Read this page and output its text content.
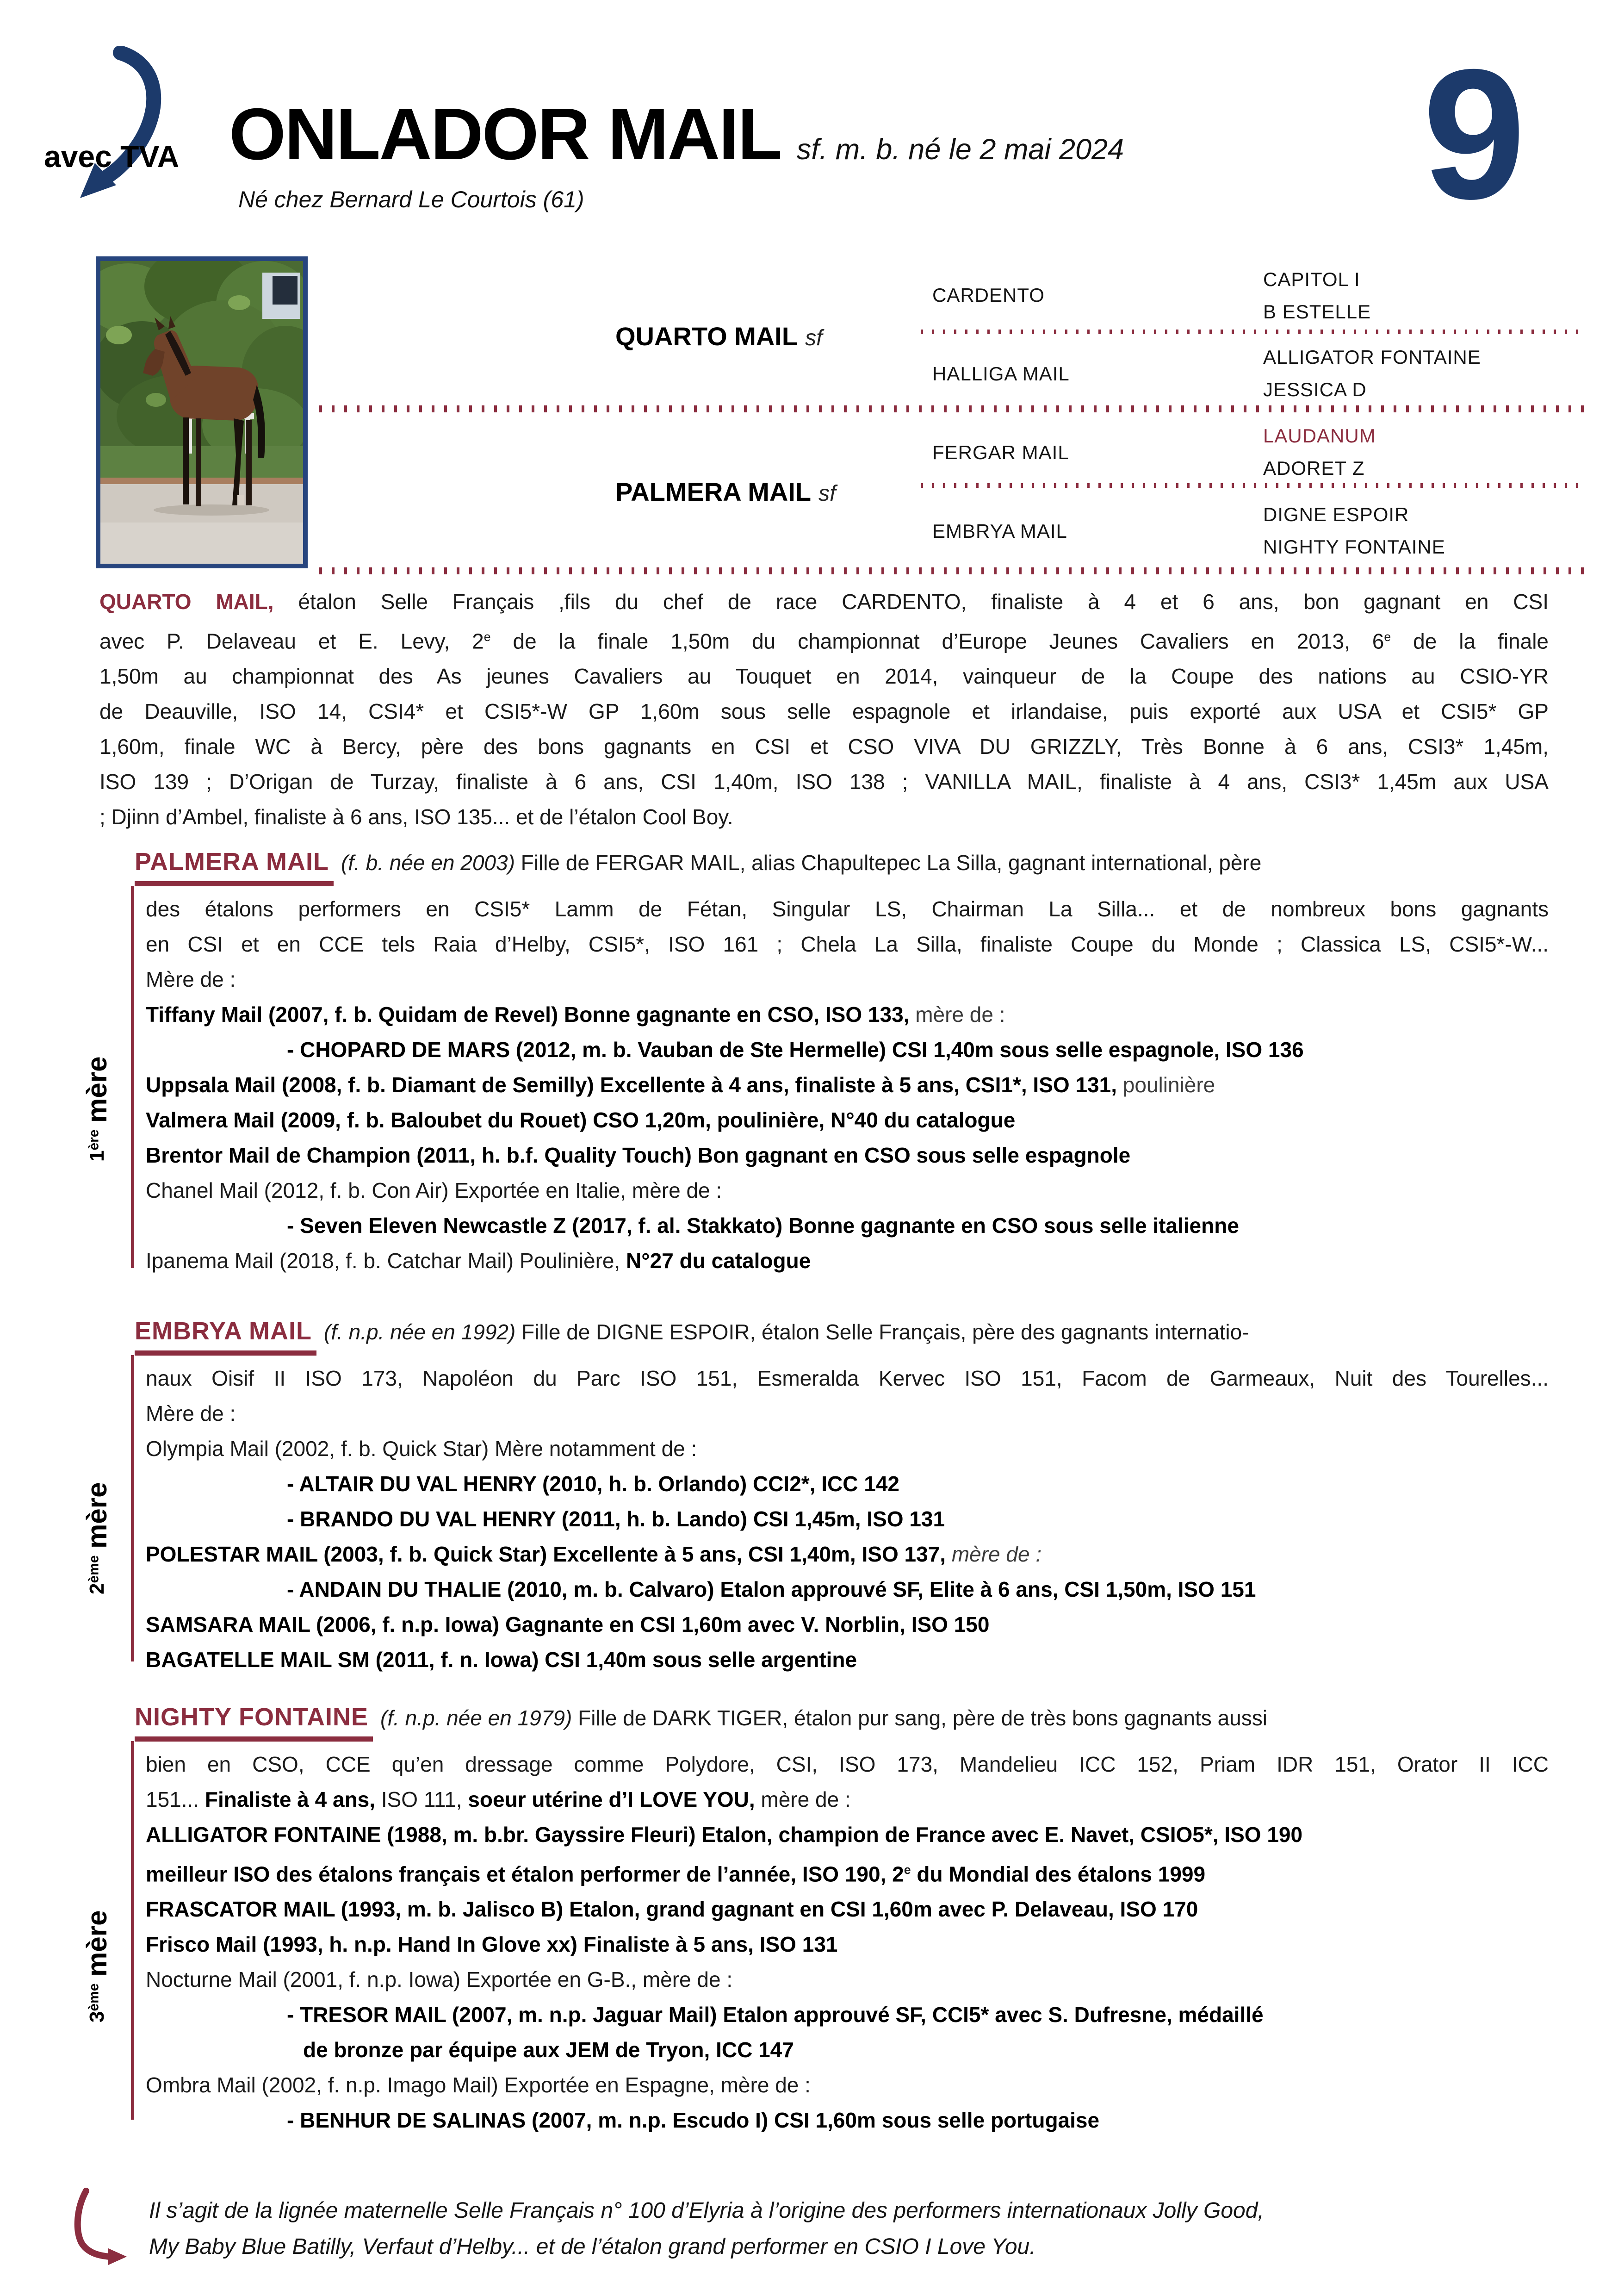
avec TVA ONLADOR MAIL sf. m. b. né le 2 mai 2024
Né chez Bernard Le Courtois (61)	9
QUARTO MAIL sf
PALMERA MAIL sf
CARDENTO
HALLIGA MAIL
FERGAR MAIL
EMBRYA MAIL
CAPITOL I
B ESTELLE
ALLIGATOR FONTAINE
JESSICA D
LAUDANUM
ADORET Z
DIGNE ESPOIR
NIGHTY FONTAINE
QUARTO MAIL, étalon Selle Français ,fils du chef de race CARDENTO, finaliste à 4 et 6 ans, bon gagnant en CSI
avec P. Delaveau et E. Levy, 2e de la finale 1,50m du championnat d’Europe Jeunes Cavaliers en 2013, 6e de la finale
1,50m au championnat des As jeunes Cavaliers au Touquet en 2014, vainqueur de la Coupe des nations au CSIO-YR
de Deauville, ISO 14, CSI4* et CSI5*-W GP 1,60m sous selle espagnole et irlandaise, puis exporté aux USA et CSI5* GP
1,60m, finale WC à Bercy, père des bons gagnants en CSI et CSO VIVA DU GRIZZLY, Très Bonne à 6 ans, CSI3* 1,45m,
ISO 139 ; D’Origan de Turzay, finaliste à 6 ans, CSI 1,40m, ISO 138 ; VANILLA MAIL, finaliste à 4 ans, CSI3* 1,45m aux USA
; Djinn d’Ambel, finaliste à 6 ans, ISO 135... et de l’étalon Cool Boy.
PALMERA MAIL (f. b. née en 2003) Fille de FERGAR MAIL, alias Chapultepec La Silla, gagnant international, père
1èremère
des étalons performers en CSI5* Lamm de Fétan, Singular LS, Chairman La Silla... et de nombreux bons gagnants
en CSI et en CCE tels Raia d’Helby, CSI5*, ISO 161 ; Chela La Silla, finaliste Coupe du Monde ; Classica LS, CSI5*-W...
Mère de :
Tiffany Mail (2007, f. b. Quidam de Revel) Bonne gagnante en CSO, ISO 133, mère de :
- CHOPARD DE MARS (2012, m. b. Vauban de Ste Hermelle) CSI 1,40m sous selle espagnole, ISO 136
Uppsala Mail (2008, f. b. Diamant de Semilly) Excellente à 4 ans, finaliste à 5 ans, CSI1*, ISO 131, poulinière
Valmera Mail (2009, f. b. Baloubet du Rouet) CSO 1,20m, poulinière, N°40 du catalogue
Brentor Mail de Champion (2011, h. b.f. Quality Touch) Bon gagnant en CSO sous selle espagnole
Chanel Mail (2012, f. b. Con Air) Exportée en Italie, mère de :
- Seven Eleven Newcastle Z (2017, f. al. Stakkato) Bonne gagnante en CSO sous selle italienne
Ipanema Mail (2018, f. b. Catchar Mail) Poulinière, N°27 du catalogue
EMBRYA MAIL (f. n.p. née en 1992) Fille de DIGNE ESPOIR, étalon Selle Français, père des gagnants internatio-
2èmemère
naux Oisif II ISO 173, Napoléon du Parc ISO 151, Esmeralda Kervec ISO 151, Facom de Garmeaux, Nuit des Tourelles...
Mère de :
Olympia Mail (2002, f. b. Quick Star) Mère notamment de :
- ALTAIR DU VAL HENRY (2010, h. b. Orlando) CCI2*, ICC 142
- BRANDO DU VAL HENRY (2011, h. b. Lando) CSI 1,45m, ISO 131
POLESTAR MAIL (2003, f. b. Quick Star) Excellente à 5 ans, CSI 1,40m, ISO 137, mère de :
- ANDAIN DU THALIE (2010, m. b. Calvaro) Etalon approuvé SF, Elite à 6 ans, CSI 1,50m, ISO 151
SAMSARA MAIL (2006, f. n.p. Iowa) Gagnante en CSI 1,60m avec V. Norblin, ISO 150
BAGATELLE MAIL SM (2011, f. n. Iowa) CSI 1,40m sous selle argentine
NIGHTY FONTAINE (f. n.p. née en 1979) Fille de DARK TIGER, étalon pur sang, père de très bons gagnants aussi
3èmemère
bien en CSO, CCE qu’en dressage comme Polydore, CSI, ISO 173, Mandelieu ICC 152, Priam IDR 151, Orator II ICC
151... Finaliste à 4 ans, ISO 111, soeur utérine d’I LOVE YOU, mère de :
ALLIGATOR FONTAINE (1988, m. b.br. Gayssire Fleuri) Etalon, champion de France avec E. Navet, CSIO5*, ISO 190
meilleur ISO des étalons français et étalon performer de l’année, ISO 190, 2e du Mondial des étalons 1999
FRASCATOR MAIL (1993, m. b. Jalisco B) Etalon, grand gagnant en CSI 1,60m avec P. Delaveau, ISO 170
Frisco Mail (1993, h. n.p. Hand In Glove xx) Finaliste à 5 ans, ISO 131
Nocturne Mail (2001, f. n.p. Iowa) Exportée en G-B., mère de :
- TRESOR MAIL (2007, m. n.p. Jaguar Mail) Etalon approuvé SF, CCI5* avec S. Dufresne, médaillé
de bronze par équipe aux JEM de Tryon, ICC 147
Ombra Mail (2002, f. n.p. Imago Mail) Exportée en Espagne, mère de :
- BENHUR DE SALINAS (2007, m. n.p. Escudo I) CSI 1,60m sous selle portugaise
Il s’agit de la lignée maternelle Selle Français n° 100 d’Elyria à l’origine des performers internationaux Jolly Good,
My Baby Blue Batilly, Verfaut d’Helby... et de l’étalon grand performer en CSIO I Love You.
